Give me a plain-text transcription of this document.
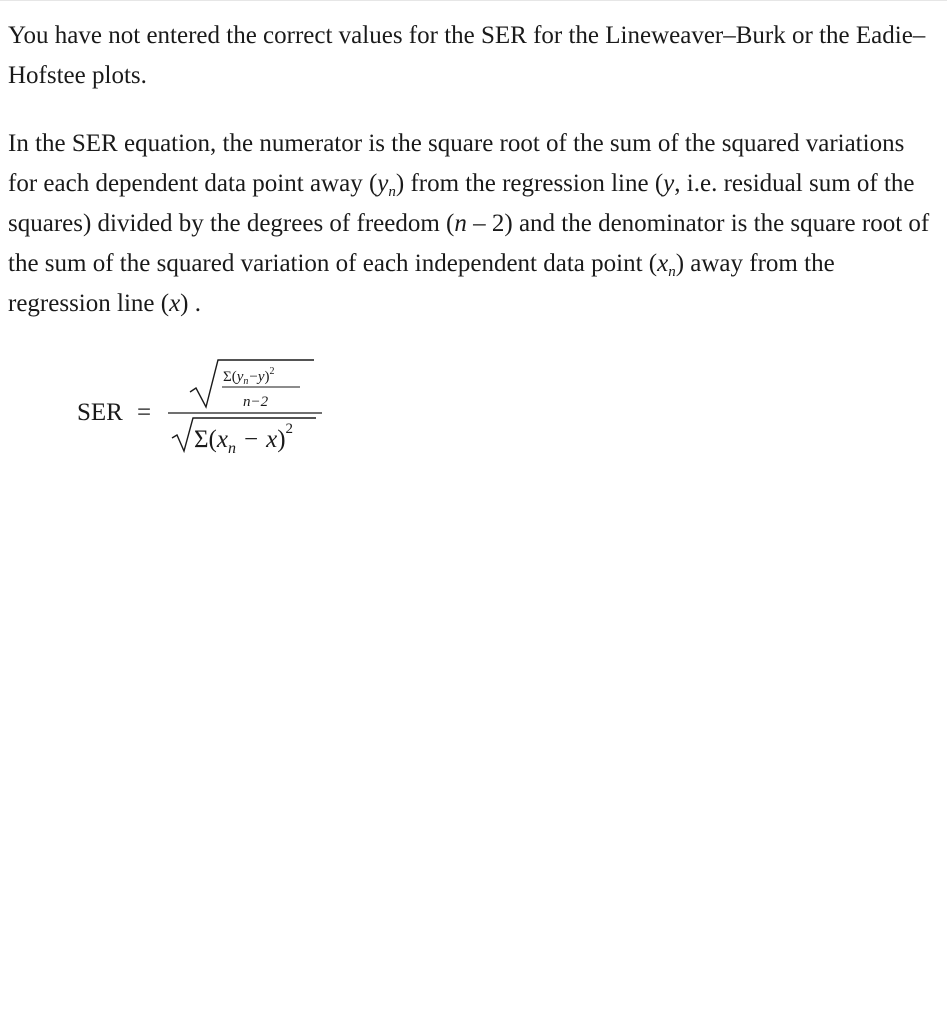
You have not entered the correct values for the SER for the Lineweaver–Burk or the Eadie–Hofstee plots.

In the SER equation, the numerator is the square root of the sum of the squared variations for each dependent data point away $(y_n)$ from the regression line (y, i.e. residual sum of the squares) divided by the degrees of freedom (n – 2) and the denominator is the square root of the sum of the squared variation of each independent data point $(x_n)$ away from the regression line (x) .

SER =
$\Sigma(y_n-y)^2$
n−2
$\Sigma(x_n - x)^2$
